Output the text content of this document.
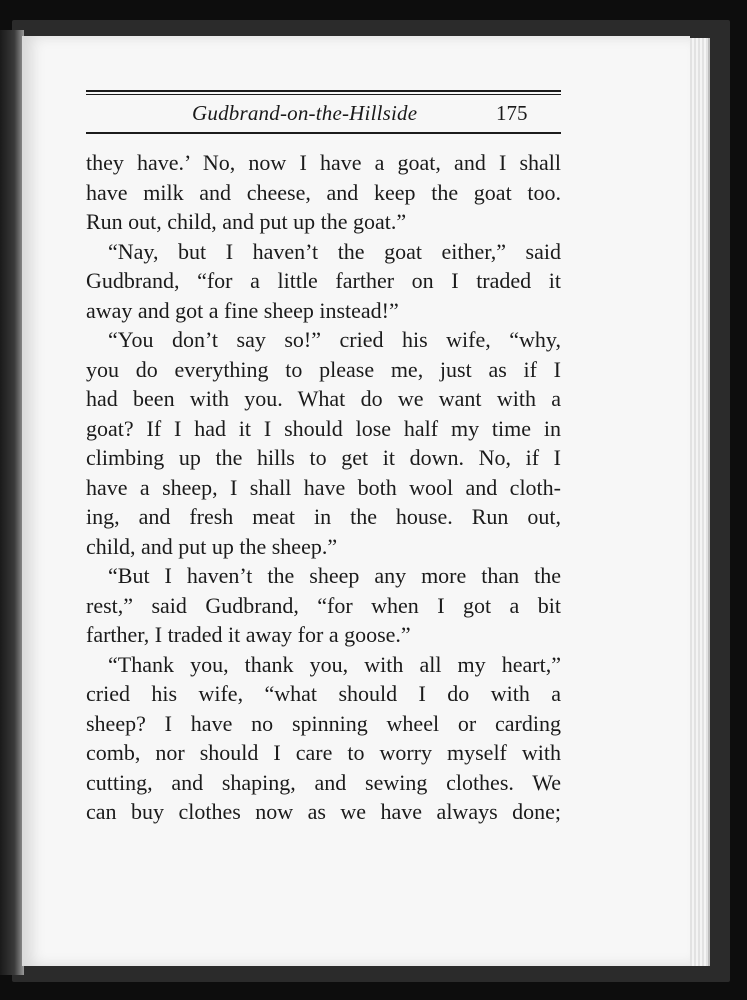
Gudbrand-on-the-Hillside	175
they have.’ No, now I have a goat, and I shall
have milk and cheese, and keep the goat too.
Run out, child, and put up the goat.”
“Nay, but I haven’t the goat either,” said
Gudbrand, “for a little farther on I traded it
away and got a fine sheep instead!”
“You don’t say so!” cried his wife, “why,
you do everything to please me, just as if I
had been with you. What do we want with a
goat? If I had it I should lose half my time in
climbing up the hills to get it down. No, if I
have a sheep, I shall have both wool and cloth-
ing, and fresh meat in the house. Run out,
child, and put up the sheep.”
“But I haven’t the sheep any more than the
rest,” said Gudbrand, “for when I got a bit
farther, I traded it away for a goose.”
“Thank you, thank you, with all my heart,”
cried his wife, “what should I do with a
sheep? I have no spinning wheel or carding
comb, nor should I care to worry myself with
cutting, and shaping, and sewing clothes. We
can buy clothes now as we have always done;
